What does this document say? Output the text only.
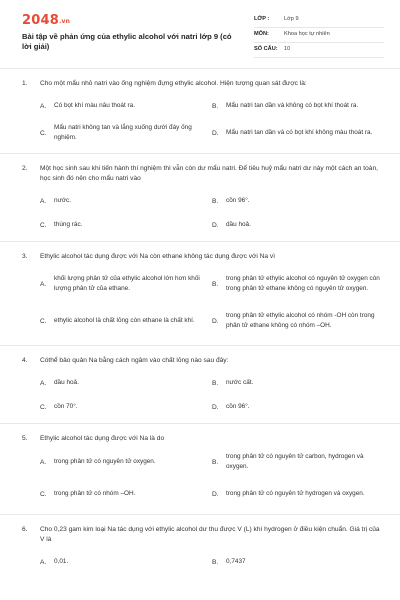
2048.vn
Bài tập về phản ứng của ethylic alcohol với natri lớp 9 (có lời giải)
LỚP :	Lớp 9
MÔN:	Khoa học tự nhiên
SỐ CÂU: 10
1. Cho một mẩu nhỏ natri vào ống nghiệm đựng ethylic alcohol. Hiện tượng quan sát được là:
A.	Có bọt khí màu nâu thoát ra.	B.	Mẩu natri tan dần và không có bọt khí thoát ra.
C.
Mẩu natri không tan và lắng xuống dưới đáy ống nghiệm.
D.	Mẩu natri tan dần và có bọt khí không màu thoát ra.
2. Một học sinh sau khi tiến hành thí nghiệm thì vẫn còn dư mẩu natri. Để tiêu huỷ mẩu natri dư này một cách an toàn, học sinh đó nên cho mẩu natri vào
A.	nước.	B.	cồn 96°.
C.	thùng rác.	D.	dầu hoả.
3. Ethylic alcohol tác dụng được với Na còn ethane không tác dụng được với Na vì
A.
khối lượng phân tử của ethylic alcohol lớn hơn khối lượng phân tử của ethane.
B.
trong phân tử ethylic alcohol có nguyên tử oxygen còn trong phân tử ethane không có nguyên tử oxygen.
C.	ethylic alcohol là chất lỏng còn ethane là chất khí.	D.
trong phân tử ethylic alcohol có nhóm -OH còn trong phân tử ethane không có nhóm –OH.
4. Cóthể bảo quản Na bằng cách ngâm vào chất lỏng nào sau đây:
A.	dầu hoả.	B.	nước cất.
C.	cồn 70°.	D.	cồn 96°.
5. Ethylic alcohol tác dụng được với Na là do
A.	trong phân tử có nguyên tử oxygen.	B.
trong phân tử có nguyên tử carbon, hydrogen và oxygen.
C.	trong phân tử có nhóm –OH.	D.	trong phân tử có nguyên tử hydrogen và oxygen.
6. Cho 0,23 gam kim loại Na tác dụng với ethylic alcohol dư thu được V (L) khí hydrogen ở điều kiện chuẩn. Giá trị của V là
A.	0,01.	B.	0,7437
